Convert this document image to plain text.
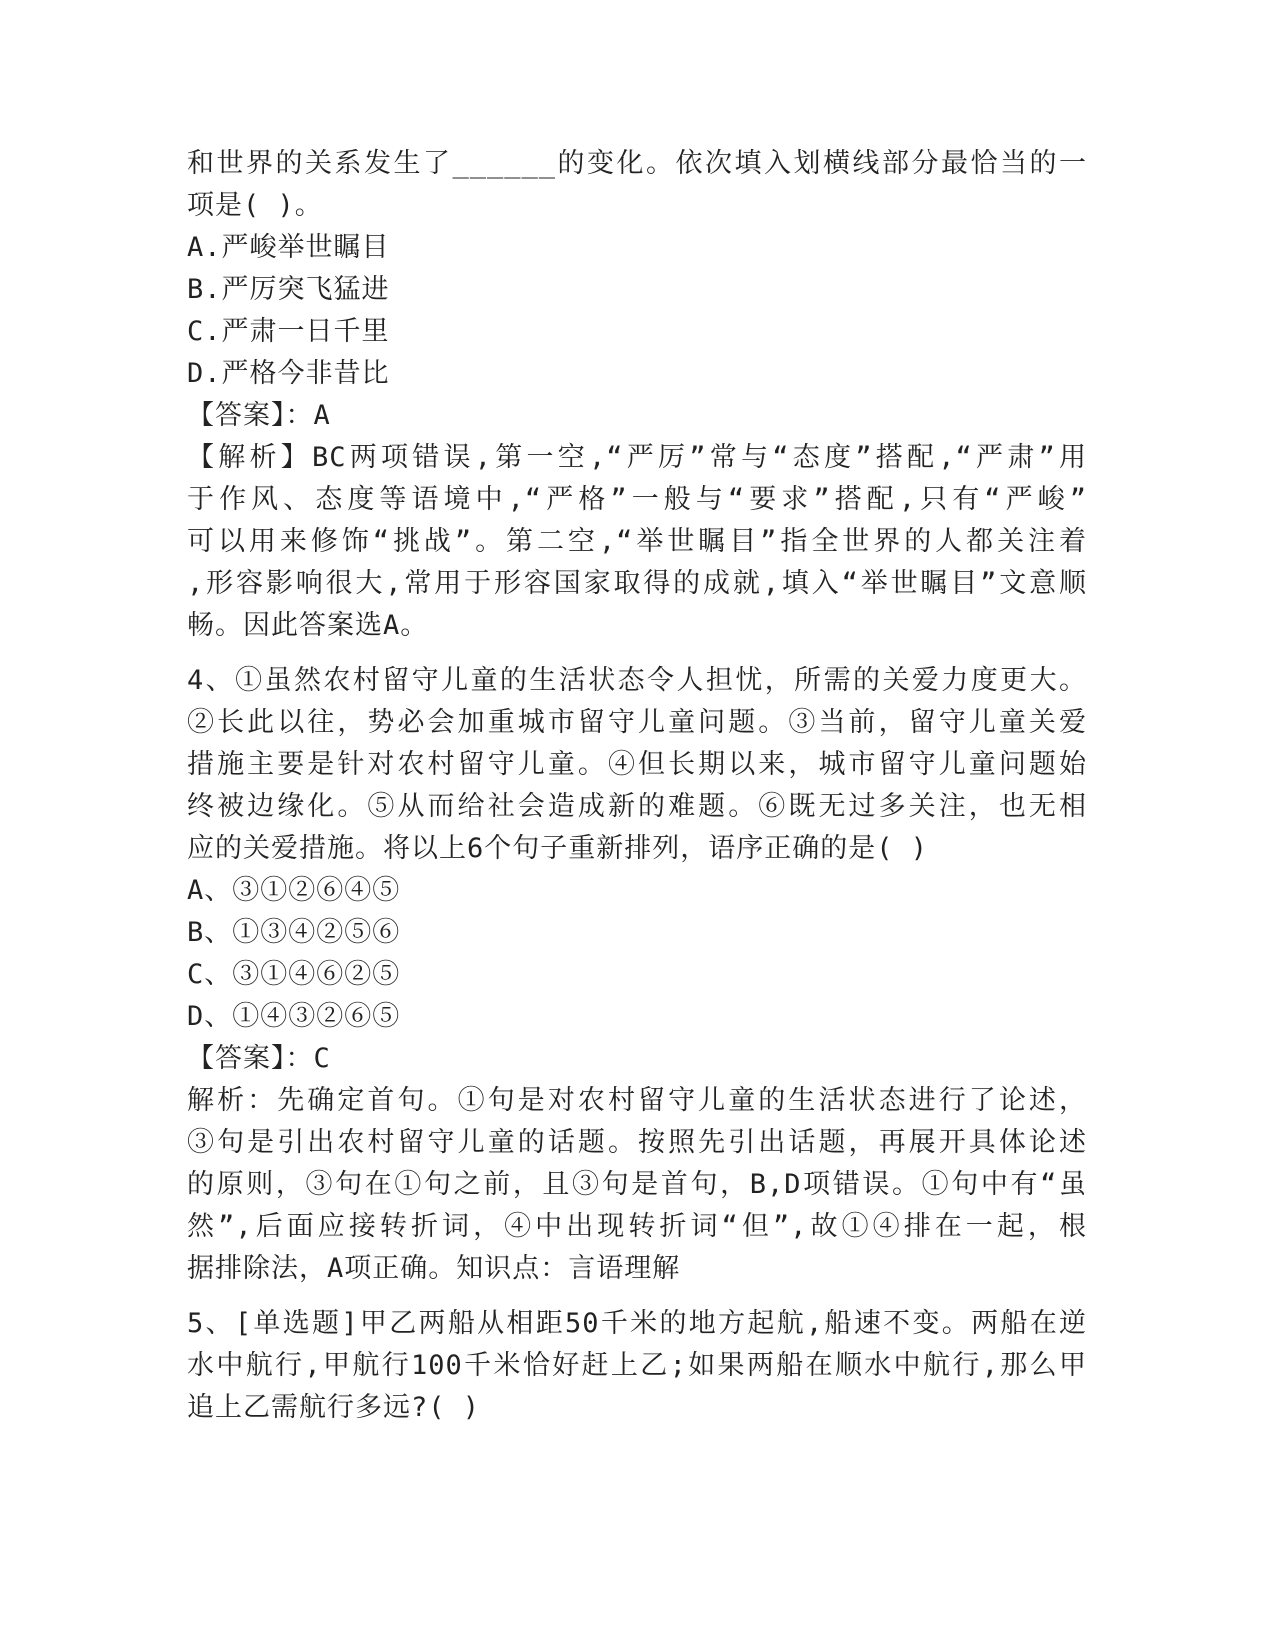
和世界的关系发生了______的变化。依次填入划横线部分最恰当的一
项是( )。
A.严峻举世瞩目
B.严厉突飞猛进
C.严肃一日千里
D.严格今非昔比
【答案】：A
【解析】BC两项错误,第一空,“严厉”常与“态度”搭配,“严肃”用
于作风、态度等语境中,“严格”一般与“要求”搭配,只有“严峻”
可以用来修饰“挑战”。第二空,“举世瞩目”指全世界的人都关注着
,形容影响很大,常用于形容国家取得的成就,填入“举世瞩目”文意顺
畅。因此答案选A。
4、①虽然农村留守儿童的生活状态令人担忧，所需的关爱力度更大。
②长此以往，势必会加重城市留守儿童问题。③当前，留守儿童关爱
措施主要是针对农村留守儿童。④但长期以来，城市留守儿童问题始
终被边缘化。⑤从而给社会造成新的难题。⑥既无过多关注，也无相
应的关爱措施。将以上6个句子重新排列，语序正确的是( )
A、③①②⑥④⑤
B、①③④②⑤⑥
C、③①④⑥②⑤
D、①④③②⑥⑤
【答案】：C
解析：先确定首句。①句是对农村留守儿童的生活状态进行了论述，
③句是引出农村留守儿童的话题。按照先引出话题，再展开具体论述
的原则，③句在①句之前，且③句是首句，B,D项错误。①句中有“虽
然”,后面应接转折词，④中出现转折词“但”,故①④排在一起，根
据排除法，A项正确。知识点：言语理解
5、[单选题]甲乙两船从相距50千米的地方起航,船速不变。两船在逆
水中航行,甲航行100千米恰好赶上乙;如果两船在顺水中航行,那么甲
追上乙需航行多远?( )
